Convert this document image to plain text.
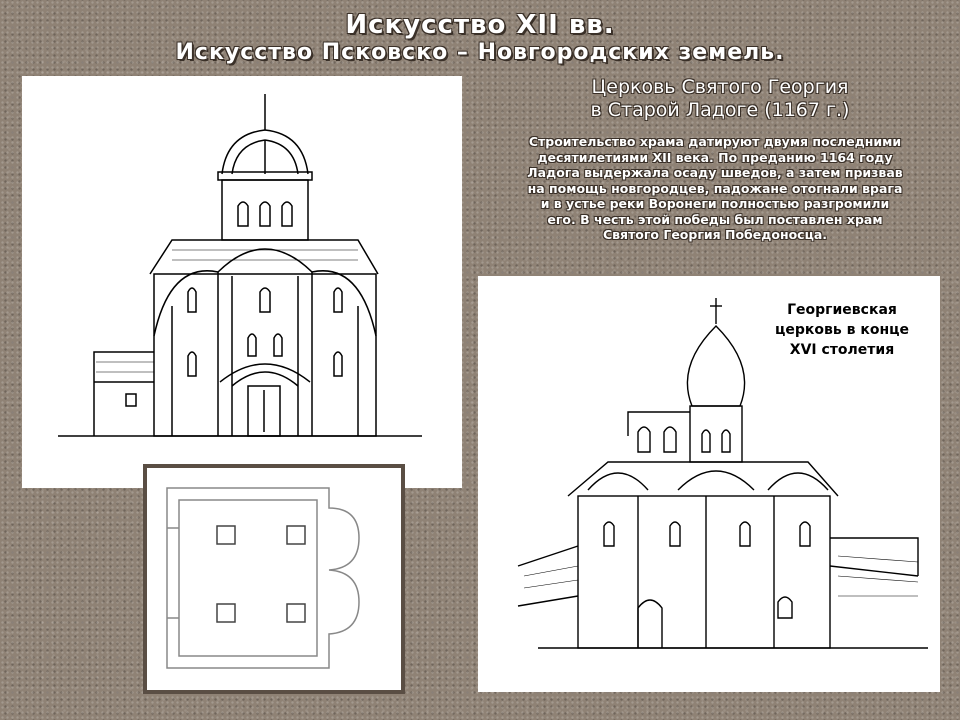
Искусство XII вв.
Искусство Псковско – Новгородских земель.
Церковь Святого Георгия
в Старой Ладоге (1167 г.)
Строительство храма датируют двумя последними
десятилетиями XII века. По преданию 1164 году
Ладога выдержала осаду шведов, а затем призвав
на помощь новгородцев, падожане отогнали врага
и в устье реки Воронеги полностью разгромили
его. В честь этой победы был поставлен храм
Святого Георгия Победоносца.
Георгиевская
церковь в конце
XVI столетия
